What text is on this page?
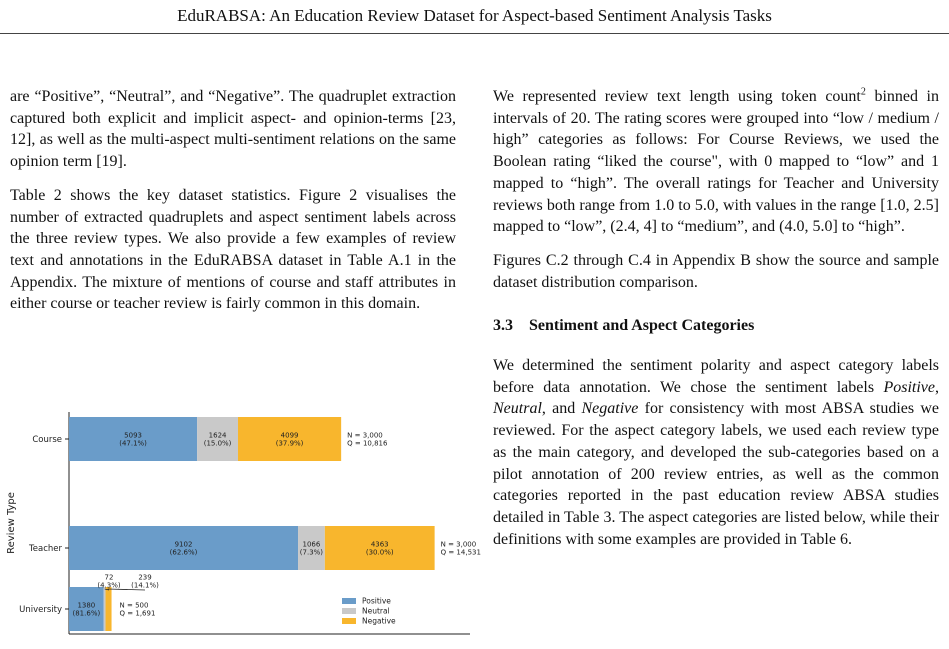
EduRABSA: An Education Review Dataset for Aspect-based Sentiment Analysis Tasks

are “Positive”, “Neutral”, and “Negative”. The quadruplet extraction captured both explicit and implicit aspect- and opinion-terms [23, 12], as well as the multi-aspect multi-sentiment relations on the same opinion term [19].

Table 2 shows the key dataset statistics. Figure 2 visualises the number of extracted quadruplets and aspect sentiment labels across the three review types. We also provide a few examples of review text and annotations in the EduRABSA dataset in Table A.1 in the Appendix. The mixture of mentions of course and staff attributes in either course or teacher review is fairly common in this domain.

We represented review text length using token count$^2$ binned in intervals of 20. The rating scores were grouped into “low / medium / high” categories as follows: For Course Reviews, we used the Boolean rating “liked the course", with 0 mapped to “low” and 1 mapped to “high”. The overall ratings for Teacher and University reviews both range from 1.0 to 5.0, with values in the range [1.0, 2.5] mapped to “low”, (2.4, 4] to “medium”, and (4.0, 5.0] to “high”.

Figures C.2 through C.4 in Appendix B show the source and sample dataset distribution comparison.

3.3 Sentiment and Aspect Categories

We determined the sentiment polarity and aspect category labels before data annotation. We chose the sentiment labels Positive, Neutral, and Negative for consistency with most ABSA studies we reviewed. For the aspect category labels, we used each review type as the main category, and developed the sub-categories based on a pilot annotation of 200 review entries, as well as the common categories reported in the past education review ABSA studies detailed in Table 3. The aspect categories are listed below, while their definitions with some examples are provided in Table 6.

Review Type
Course	5093 (47.1%)
1624 (15.0%)
4099 (37.9%)
N = 3,000 Q = 10,816
Teacher	9102 (62.6%)
1066 (7.3%)
4363 (30.0%)
N = 3,000 Q = 14,531
University	1380 (81.6%)
N = 500 Q = 1,691
72 (4.3%)
239 (14.1%)
Positive
Neutral
Negative
